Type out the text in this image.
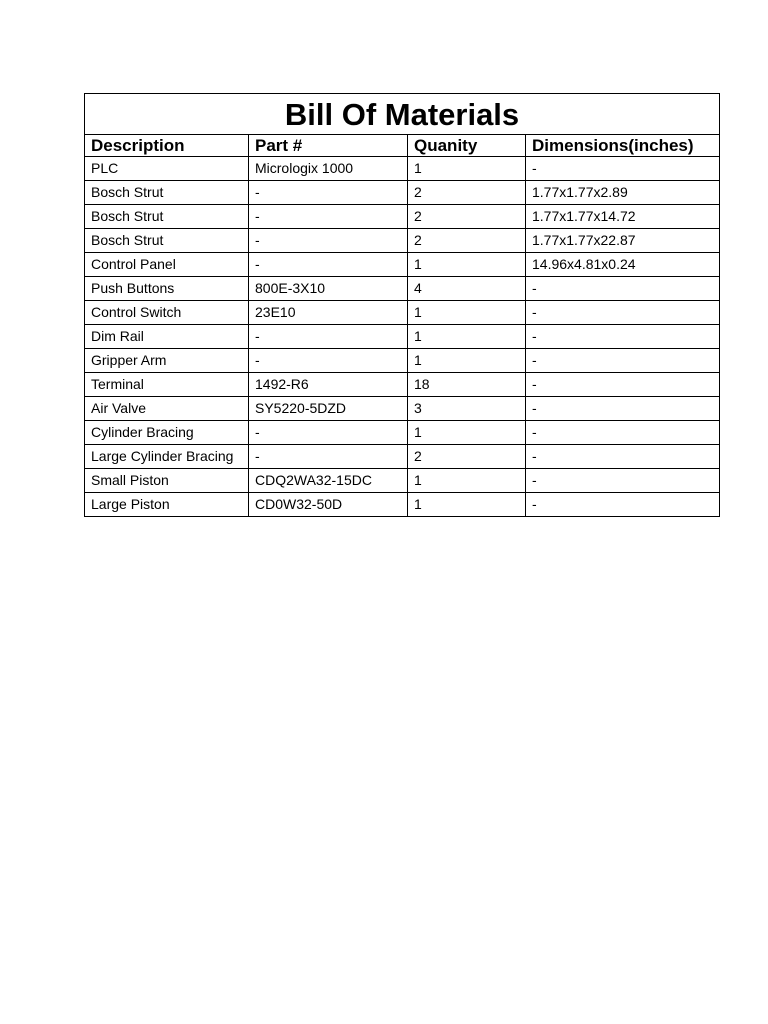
Bill Of Materials			
Description	Part #	Quanity	Dimensions(inches)
PLC	Micrologix 1000	1	-
Bosch Strut	-	2	1.77x1.77x2.89
Bosch Strut	-	2	1.77x1.77x14.72
Bosch Strut	-	2	1.77x1.77x22.87
Control Panel	-	1	14.96x4.81x0.24
Push Buttons	800E-3X10	4	-
Control Switch	23E10	1	-
Dim Rail	-	1	-
Gripper Arm	-	1	-
Terminal	1492-R6	18	-
Air Valve	SY5220-5DZD	3	-
Cylinder Bracing	-	1	-
Large Cylinder Bracing	-	2	-
Small Piston	CDQ2WA32-15DC	1	-
Large Piston	CD0W32-50D	1	-
